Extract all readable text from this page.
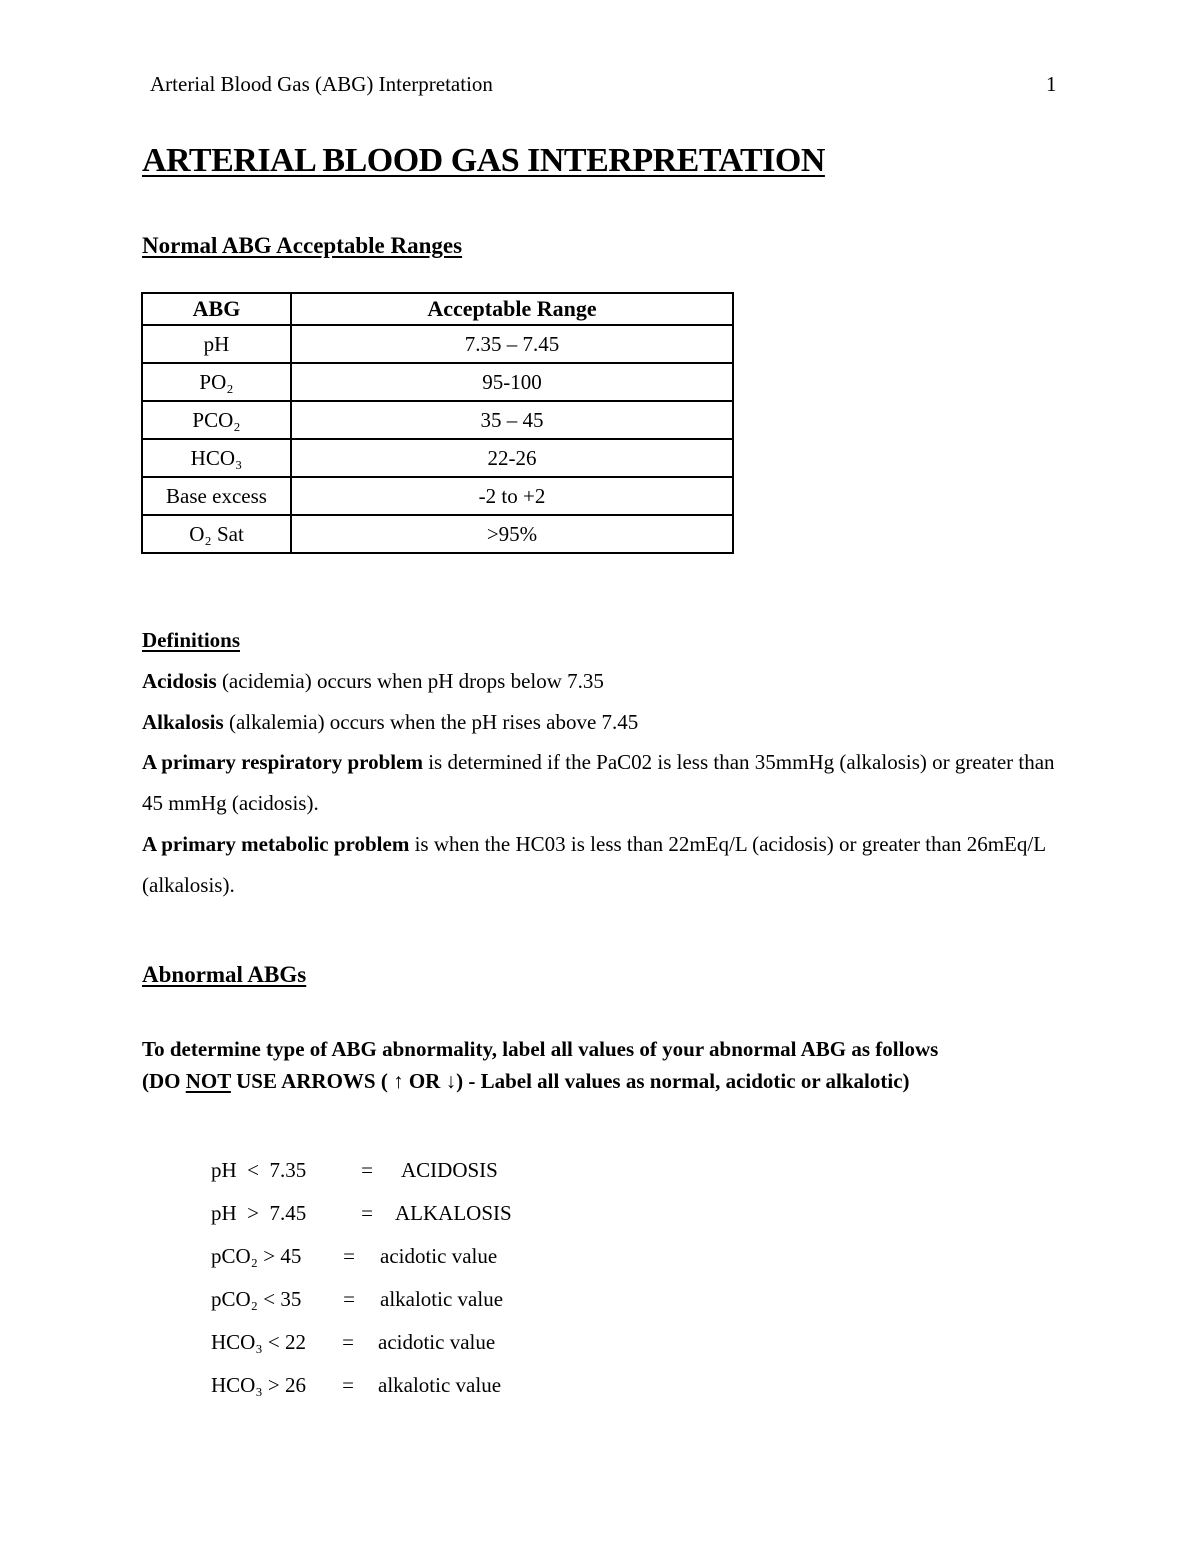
Arterial Blood Gas (ABG) Interpretation	1
ARTERIAL BLOOD GAS INTERPRETATION
Normal ABG Acceptable Ranges
ABG	Acceptable Range
pH	7.35 – 7.45
PO₂	95-100
PCO₂	35 – 45
HCO₃	22-26
Base excess	-2 to +2
O₂ Sat	>95%

Definitions

Acidosis (acidemia) occurs when pH drops below 7.35

Alkalosis (alkalemia) occurs when the pH rises above 7.45

A primary respiratory problem is determined if the PaC02 is less than 35mmHg (alkalosis) or greater than 45 mmHg (acidosis).

A primary metabolic problem is when the HC03 is less than 22mEq/L (acidosis) or greater than 26mEq/L (alkalosis).

Abnormal ABGs

To determine type of ABG abnormality, label all values of your abnormal ABG as follows

(DO NOT USE ARROWS ( ↑ OR ↓) - Label all values as normal, acidotic or alkalotic)

pH  <  7.35	=	ACIDOSIS
pH  >  7.45	=	ALKALOSIS
pCO₂ > 45	=	acidotic value
pCO₂ < 35	=	alkalotic value
HCO₃ < 22	=	acidotic value
HCO₃ > 26	=	alkalotic value
